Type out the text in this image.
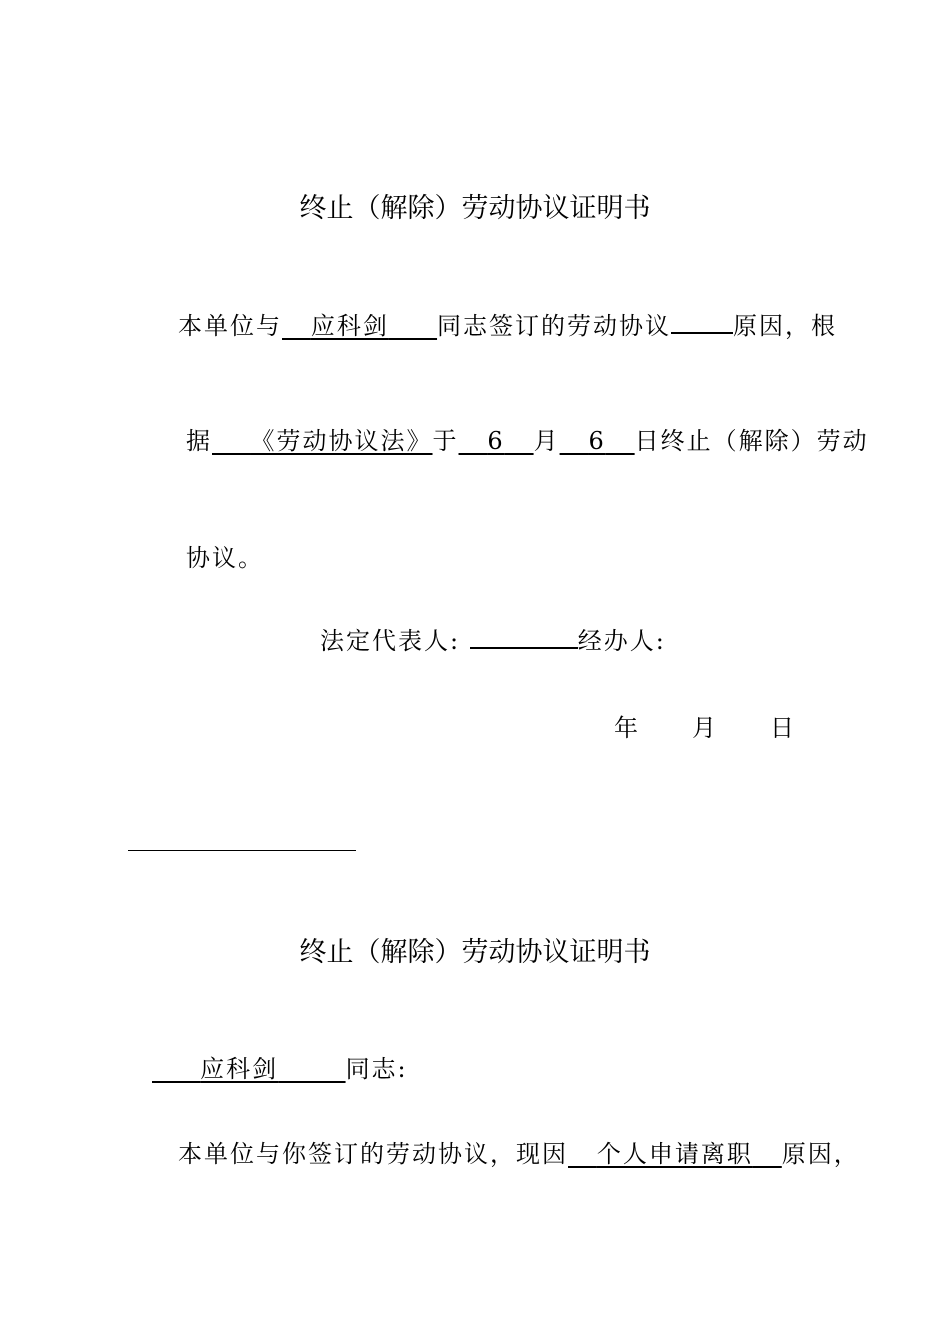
终止（解除）劳动协议证明书
本单位与 应科剑 同志签订的劳动协议	原因，根
据 《劳动协议法》于 6 月 6 日终止（解除）劳动
协议。
法定代表人:	经办人:
年 月 日
终止（解除）劳动协议证明书
应科剑	同志:
本单位与你签订的劳动协议，现因 个人申请离职 原因，
